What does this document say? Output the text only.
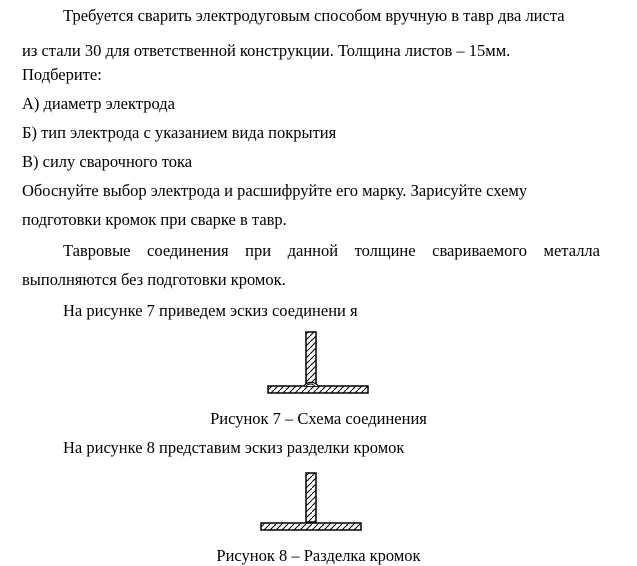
Требуется сварить электродуговым способом вручную в тавр два листа
из стали 30 для ответственной конструкции. Толщина листов – 15мм.
Подберите:
А) диаметр электрода
Б) тип электрода с указанием вида покрытия
В) силу сварочного тока
Обоснуйте выбор электрода и расшифруйте его марку. Зарисуйте схему
подготовки кромок при сварке в тавр.
Тавровые соединения при данной толщине свариваемого металла
выполняются без подготовки кромок.
На рисунке 7 приведем эскиз соединени я
Рисунок 7 – Схема соединения
На рисунке 8 представим эскиз разделки кромок
Рисунок 8 – Разделка кромок
